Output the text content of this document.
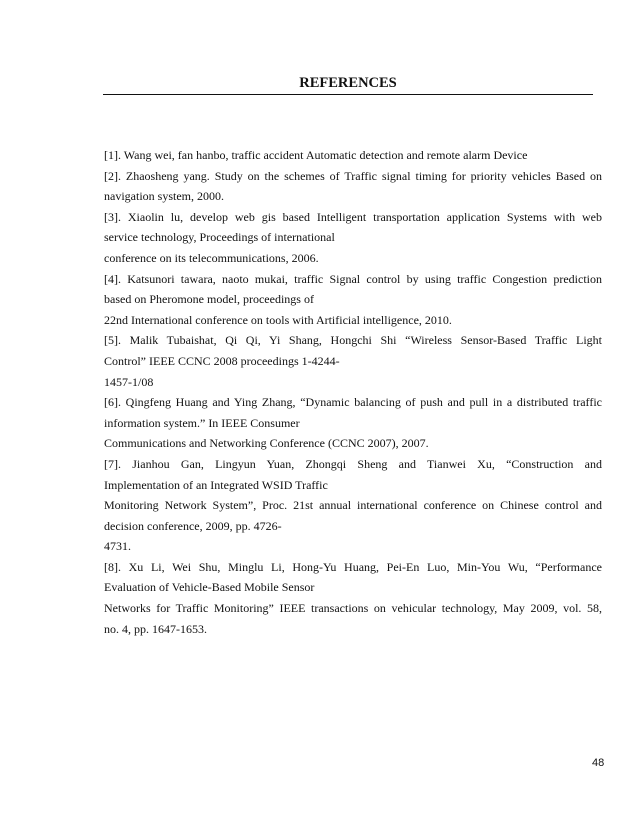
REFERENCES
[1]. Wang wei, fan hanbo, traffic accident Automatic detection and remote alarm Device
[2]. Zhaosheng yang. Study on the schemes of Traffic signal timing for priority vehicles Based on
navigation system, 2000.
[3]. Xiaolin lu, develop web gis based Intelligent transportation application Systems with web
service technology, Proceedings of international
conference on its telecommunications, 2006.
[4]. Katsunori tawara, naoto mukai, traffic Signal control by using traffic Congestion prediction
based on Pheromone model, proceedings of
22nd International conference on tools with Artificial intelligence, 2010.
[5]. Malik Tubaishat, Qi Qi, Yi Shang, Hongchi Shi “Wireless Sensor-Based Traffic Light
Control” IEEE CCNC 2008 proceedings 1-4244-
1457-1/08
[6]. Qingfeng Huang and Ying Zhang, “Dynamic balancing of push and pull in a distributed traffic
information system.” In IEEE Consumer
Communications and Networking Conference (CCNC 2007), 2007.
[7]. Jianhou Gan, Lingyun Yuan, Zhongqi Sheng and Tianwei Xu, “Construction and
Implementation of an Integrated WSID Traffic
Monitoring Network System”, Proc. 21st annual international conference on Chinese control and
decision conference, 2009, pp. 4726-
4731.
[8]. Xu Li, Wei Shu, Minglu Li, Hong-Yu Huang, Pei-En Luo, Min-You Wu, “Performance
Evaluation of Vehicle-Based Mobile Sensor
Networks for Traffic Monitoring” IEEE transactions on vehicular technology, May 2009, vol. 58,
no. 4, pp. 1647-1653.
48
